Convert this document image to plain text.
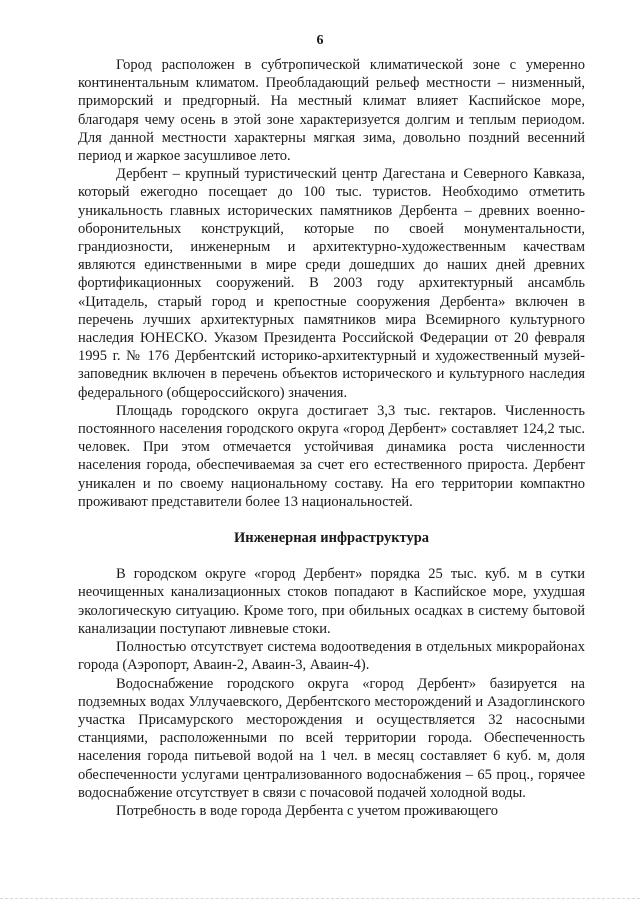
6

Город расположен в субтропической климатической зоне с умеренно континентальным климатом. Преобладающий рельеф местности – низменный, приморский и предгорный. На местный климат влияет Каспийское море, благодаря чему осень в этой зоне характеризуется долгим и теплым периодом. Для данной местности характерны мягкая зима, довольно поздний весенний период и жаркое засушливое лето.

Дербент – крупный туристический центр Дагестана и Северного Кавказа, который ежегодно посещает до 100 тыс. туристов. Необходимо отметить уникальность главных исторических памятников Дербента – древних военно-оборонительных конструкций, которые по своей монументальности, грандиозности, инженерным и архитектурно-художественным качествам являются единственными в мире среди дошедших до наших дней древних фортификационных сооружений. В 2003 году архитектурный ансамбль «Цитадель, старый город и крепостные сооружения Дербента» включен в перечень лучших архитектурных памятников мира Всемирного культурного наследия ЮНЕСКО. Указом Президента Российской Федерации от 20 февраля 1995 г. № 176 Дербентский историко-архитектурный и художественный музей-заповедник включен в перечень объектов исторического и культурного наследия федерального (общероссийского) значения.

Площадь городского округа достигает 3,3 тыс. гектаров. Численность постоянного населения городского округа «город Дербент» составляет 124,2 тыс. человек. При этом отмечается устойчивая динамика роста численности населения города, обеспечиваемая за счет его естественного прироста. Дербент уникален и по своему национальному составу. На его территории компактно проживают представители более 13 национальностей.

Инженерная инфраструктура

В городском округе «город Дербент» порядка 25 тыс. куб. м в сутки неочищенных канализационных стоков попадают в Каспийское море, ухудшая экологическую ситуацию. Кроме того, при обильных осадках в систему бытовой канализации поступают ливневые стоки.

Полностью отсутствует система водоотведения в отдельных микрорайонах города (Аэропорт, Аваин-2, Аваин-3, Аваин-4).

Водоснабжение городского округа «город Дербент» базируется на подземных водах Уллучаевского, Дербентского месторождений и Азадоглинского участка Присамурского месторождения и осуществляется 32 насосными станциями, расположенными по всей территории города. Обеспеченность населения города питьевой водой на 1 чел. в месяц составляет 6 куб. м, доля обеспеченности услугами централизованного водоснабжения – 65 проц., горячее водоснабжение отсутствует в связи с почасовой подачей холодной воды.

Потребность в воде города Дербента с учетом проживающего
